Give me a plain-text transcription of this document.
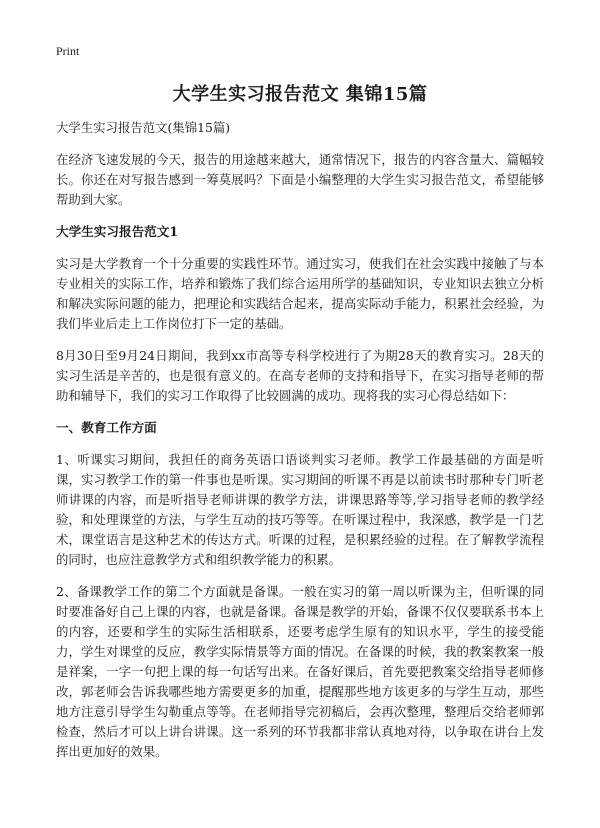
Print
大学生实习报告范文 集锦15篇

大学生实习报告范文(集锦15篇)

在经济飞速发展的今天，报告的用途越来越大，通常情况下，报告的内容含量大、篇幅较长。你还在对写报告感到一筹莫展吗？下面是小编整理的大学生实习报告范文，希望能够帮助到大家。

大学生实习报告范文1

实习是大学教育一个十分重要的实践性环节。通过实习，使我们在社会实践中接触了与本专业相关的实际工作，培养和锻炼了我们综合运用所学的基础知识，专业知识去独立分析和解决实际问题的能力，把理论和实践结合起来，提高实际动手能力，积累社会经验，为我们毕业后走上工作岗位打下一定的基础。

8月30日至9月24日期间，我到xx市高等专科学校进行了为期28天的教育实习。28天的实习生活是辛苦的，也是很有意义的。在高专老师的支持和指导下，在实习指导老师的帮助和辅导下，我们的实习工作取得了比较圆满的成功。现将我的实习心得总结如下：

一、教育工作方面

1、听课实习期间，我担任的商务英语口语谈判实习老师。教学工作最基础的方面是听课，实习教学工作的第一件事也是听课。实习期间的听课不再是以前读书时那种专门听老师讲课的内容，而是听指导老师讲课的教学方法，讲课思路等等,学习指导老师的教学经验，和处理课堂的方法，与学生互动的技巧等等。在听课过程中，我深感，教学是一门艺术，课堂语言是这种艺术的传达方式。听课的过程，是积累经验的过程。在了解教学流程的同时，也应注意教学方式和组织教学能力的积累。

2、备课教学工作的第二个方面就是备课。一般在实习的第一周以听课为主，但听课的同时要准备好自己上课的内容，也就是备课。备课是教学的开始，备课不仅仅要联系书本上的内容，还要和学生的实际生活相联系，还要考虑学生原有的知识水平，学生的接受能力，学生对课堂的反应，教学实际情景等方面的情况。在备课的时候，我的教案教案一般是祥案，一字一句把上课的每一句话写出来。在备好课后，首先要把教案交给指导老师修改，郭老师会告诉我哪些地方需要更多的加重，提醒那些地方该更多的与学生互动，那些地方注意引导学生勾勒重点等等。在老师指导完初稿后，会再次整理，整理后交给老师郭检查，然后才可以上讲台讲课。这一系列的环节我都非常认真地对待，以争取在讲台上发挥出更加好的效果。
